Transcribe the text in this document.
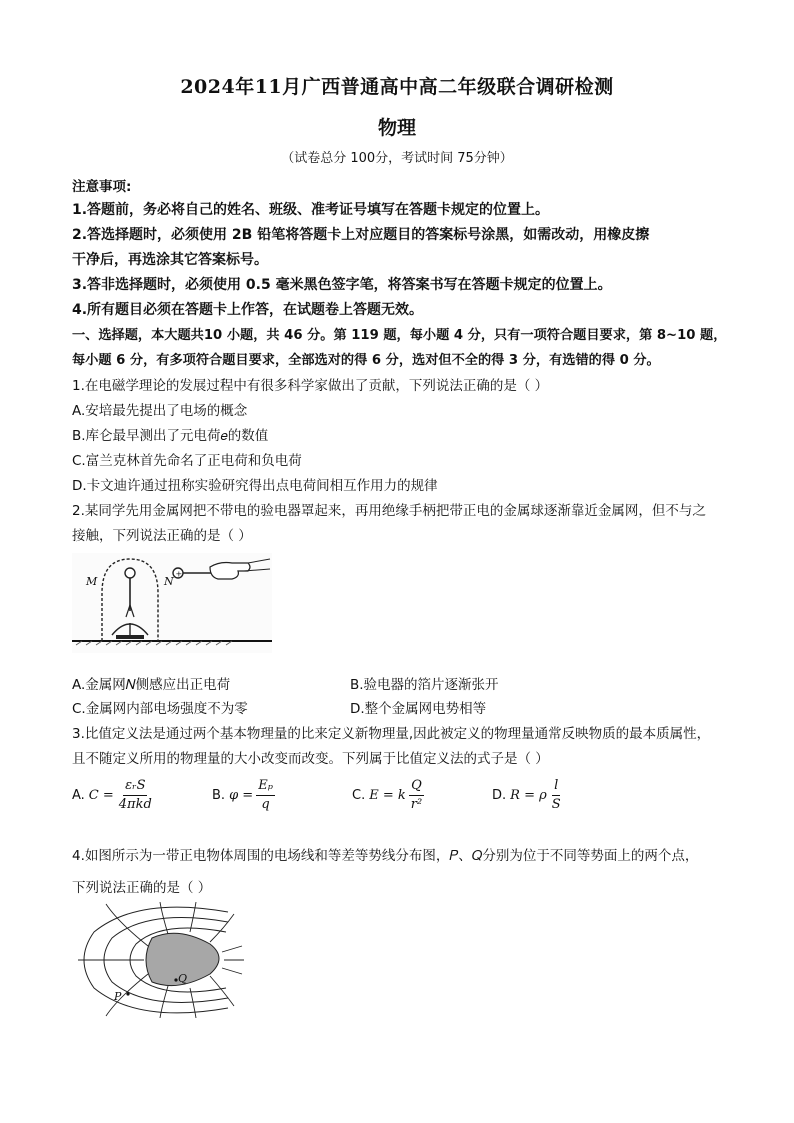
2024年11月广西普通高中高二年级联合调研检测
物理
（试卷总分 100分，考试时间 75分钟）
注意事项:
1.答题前，务必将自己的姓名、班级、准考证号填写在答题卡规定的位置上。
2.答选择题时，必须使用 2B 铅笔将答题卡上对应题目的答案标号涂黑，如需改动，用橡皮擦
干净后，再选涂其它答案标号。
3.答非选择题时，必须使用 0.5 毫米黑色签字笔，将答案书写在答题卡规定的位置上。
4.所有题目必须在答题卡上作答，在试题卷上答题无效。
一、选择题，本大题共10 小题，共 46 分。第 119 题，每小题 4 分，只有一项符合题目要求，第 8~10 题，
每小题 6 分，有多项符合题目要求，全部选对的得 6 分，选对但不全的得 3 分，有选错的得 0 分。
1.在电磁学理论的发展过程中有很多科学家做出了贡献，下列说法正确的是（ ）
A.安培最先提出了电场的概念
B.库仑最早测出了元电荷𝑒的数值
C.富兰克林首先命名了正电荷和负电荷
D.卡文迪许通过扭称实验研究得出点电荷间相互作用力的规律
2.某同学先用金属网把不带电的验电器罩起来，再用绝缘手柄把带正电的金属球逐渐靠近金属网，但不与之
接触，下列说法正确的是（ ）
+
M	N
A.金属网𝑁侧感应出正电荷	B.验电器的箔片逐渐张开
C.金属网内部电场强度不为零	D.整个金属网电势相等
3.比值定义法是通过两个基本物理量的比来定义新物理量,因此被定义的物理量通常反映物质的最本质属性，
且不随定义所用的物理量的大小改变而改变。下列属于比值定义法的式子是（ ）
A. $C = \frac{\text{εᵣS}}{\text{4πkd}}$	B. $\varphi = \frac{\text{Eₚ}}{q}$	C. E = k $\frac{Q}{\text{r²}}$	D. R = ρ $\frac{l}{S}$
4.如图所示为一带正电物体周围的电场线和等差等势线分布图，𝑃、𝑄分别为位于不同等势面上的两个点，
下列说法正确的是（ ）
Q
P
